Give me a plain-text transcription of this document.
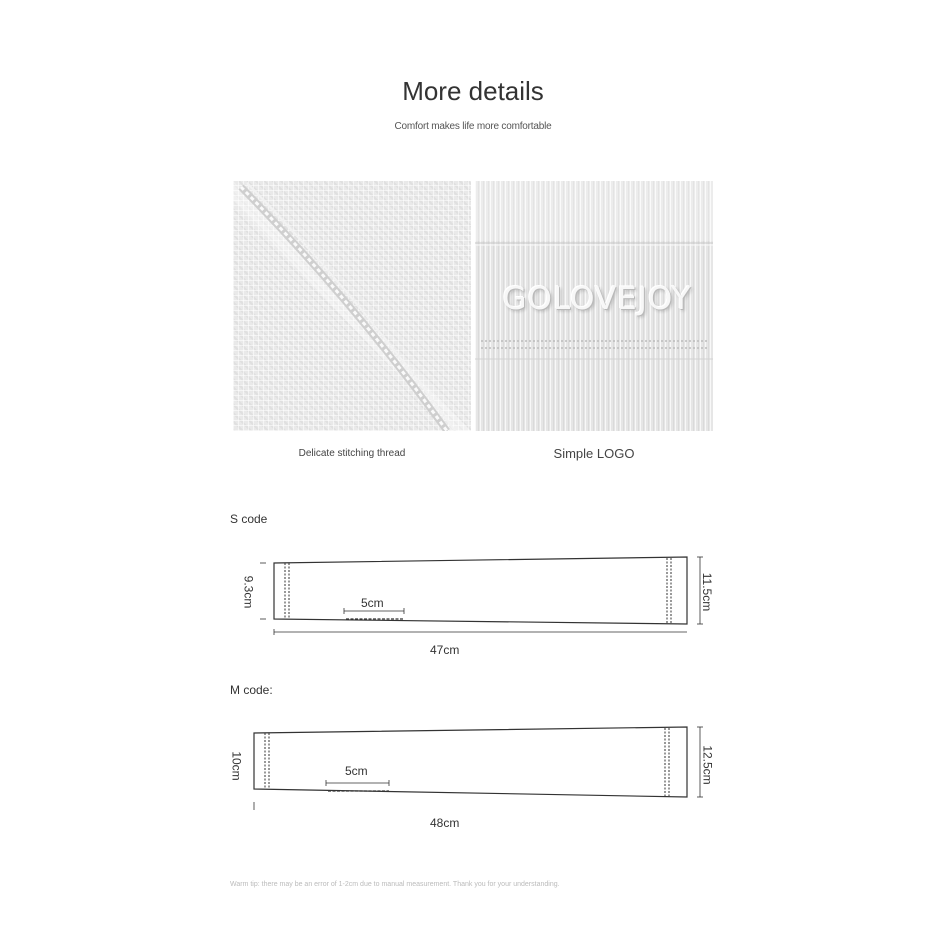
More details
Comfort makes life more comfortable
GOLOVEJOY
Delicate stitching thread	Simple LOGO
S code
9.3cm	11.5cm
5cm
47cm
M code:
10cm	12.5cm
5cm
48cm
Warm tip: there may be an error of 1-2cm due to manual measurement. Thank you for your understanding.
